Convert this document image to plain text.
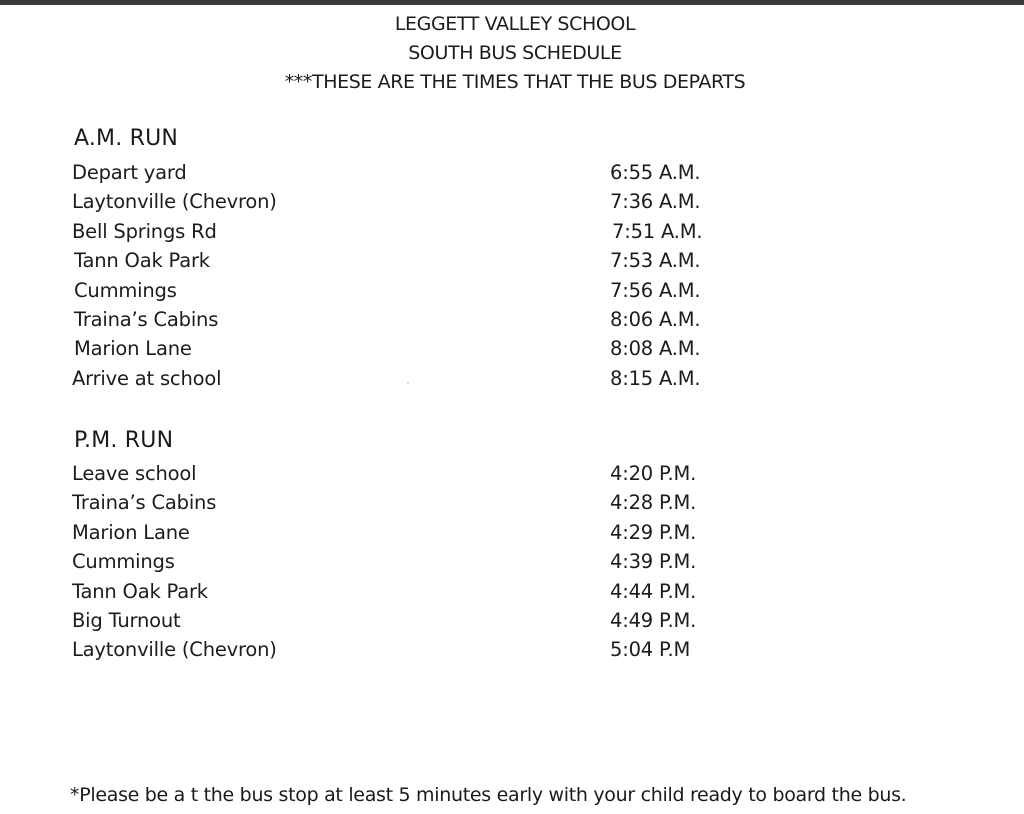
LEGGETT VALLEY SCHOOL
SOUTH BUS SCHEDULE
***THESE ARE THE TIMES THAT THE BUS DEPARTS
A.M. RUN
Depart yard	6:55 A.M.
Laytonville (Chevron)	7:36 A.M.
Bell Springs Rd	7:51 A.M.
Tann Oak Park	7:53 A.M.
Cummings	7:56 A.M.
Traina’s Cabins	8:06 A.M.
Marion Lane	8:08 A.M.
Arrive at school	8:15 A.M.
P.M. RUN
Leave school	4:20 P.M.
Traina’s Cabins	4:28 P.M.
Marion Lane	4:29 P.M.
Cummings	4:39 P.M.
Tann Oak Park	4:44 P.M.
Big Turnout	4:49 P.M.
Laytonville (Chevron)	5:04 P.M
*Please be a t the bus stop at least 5 minutes early with your child ready to board the bus.
